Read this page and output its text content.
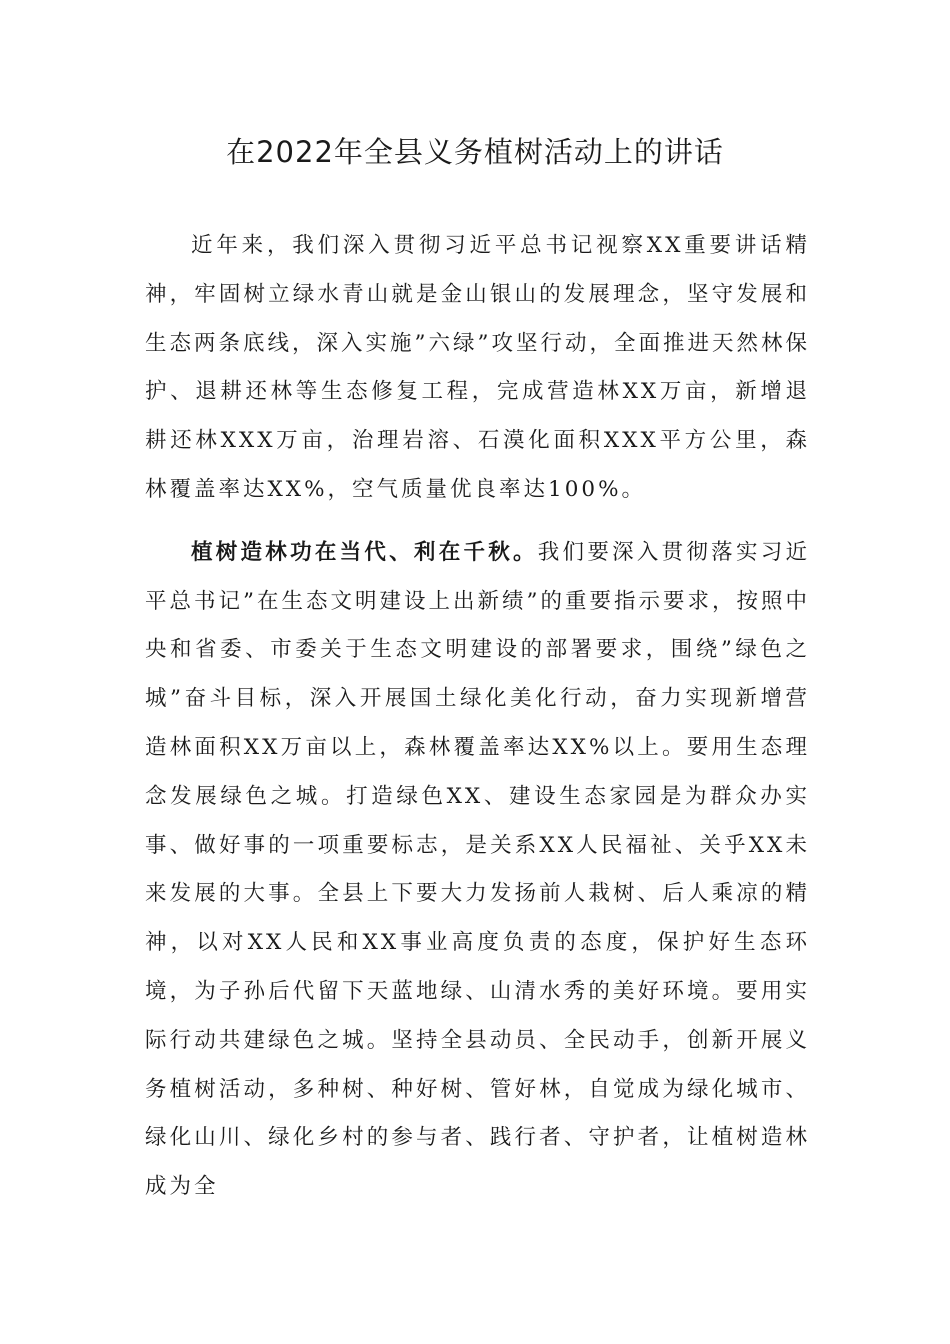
在2022年全县义务植树活动上的讲话

近年来，我们深入贯彻习近平总书记视察XX重要讲话精神，牢固树立绿水青山就是金山银山的发展理念，坚守发展和生态两条底线，深入实施”六绿”攻坚行动，全面推进天然林保护、退耕还林等生态修复工程，完成营造林XX万亩，新增退耕还林XXX万亩，治理岩溶、石漠化面积XXX平方公里，森林覆盖率达XX%，空气质量优良率达100%。

植树造林功在当代、利在千秋。我们要深入贯彻落实习近平总书记”在生态文明建设上出新绩”的重要指示要求，按照中央和省委、市委关于生态文明建设的部署要求，围绕”绿色之城”奋斗目标，深入开展国土绿化美化行动，奋力实现新增营造林面积XX万亩以上，森林覆盖率达XX%以上。要用生态理念发展绿色之城。打造绿色XX、建设生态家园是为群众办实事、做好事的一项重要标志，是关系XX人民福祉、关乎XX未来发展的大事。全县上下要大力发扬前人栽树、后人乘凉的精神，以对XX人民和XX事业高度负责的态度，保护好生态环境，为子孙后代留下天蓝地绿、山清水秀的美好环境。要用实际行动共建绿色之城。坚持全县动员、全民动手，创新开展义务植树活动，多种树、种好树、管好林，自觉成为绿化城市、绿化山川、绿化乡村的参与者、践行者、守护者，让植树造林成为全
